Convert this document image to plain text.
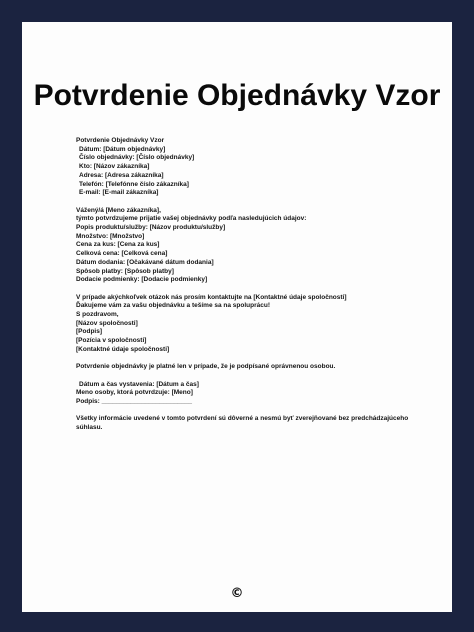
Potvrdenie Objednávky Vzor
Potvrdenie Objednávky Vzor
Dátum: [Dátum objednávky]
Číslo objednávky: [Číslo objednávky]
Kto: [Názov zákazníka]
Adresa: [Adresa zákazníka]
Telefón: [Telefónne číslo zákazníka]
E-mail: [E-mail zákazníka]
Vážený/á [Meno zákazníka],
týmto potvrdzujeme prijatie vašej objednávky podľa nasledujúcich údajov:
Popis produktu/služby: [Názov produktu/služby]
Množstvo: [Množstvo]
Cena za kus: [Cena za kus]
Celková cena: [Celková cena]
Dátum dodania: [Očakávané dátum dodania]
Spôsob platby: [Spôsob platby]
Dodacie podmienky: [Dodacie podmienky]
V prípade akýchkoľvek otázok nás prosím kontaktujte na [Kontaktné údaje spoločnosti]
Ďakujeme vám za vašu objednávku a tešíme sa na spoluprácu!
S pozdravom,
[Názov spoločnosti]
[Podpis]
[Pozícia v spoločnosti]
[Kontaktné údaje spoločnosti]
Potvrdenie objednávky je platné len v prípade, že je podpísané oprávnenou osobou.
Dátum a čas vystavenia: [Dátum a čas]
Meno osoby, ktorá potvrdzuje: [Meno]
Podpis: _________________________
Všetky informácie uvedené v tomto potvrdení sú dôverné a nesmú byť zverejňované bez predchádzajúceho súhlasu.
©
